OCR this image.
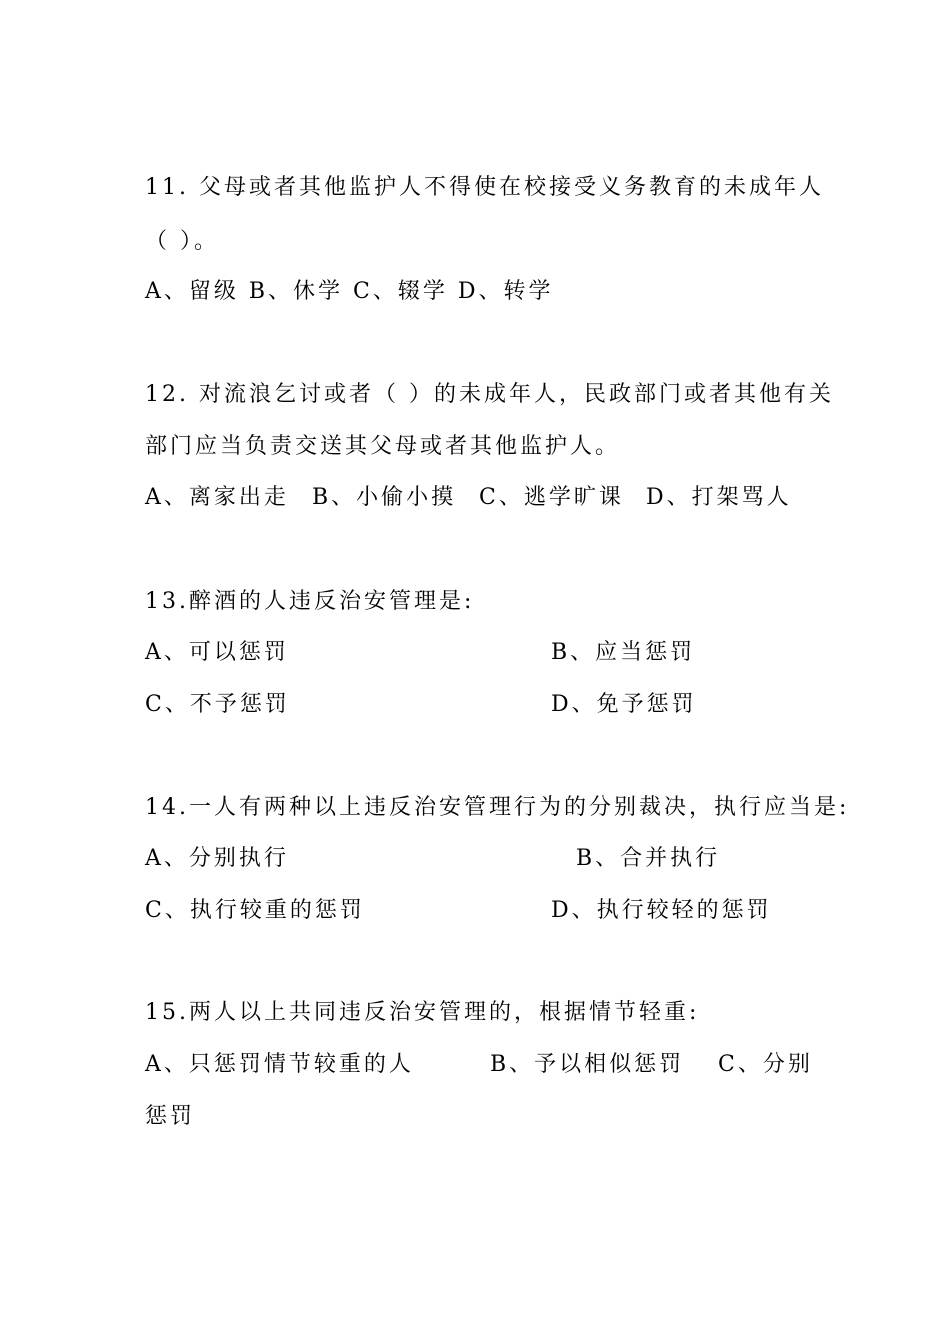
11. 父母或者其他监护人不得使在校接受义务教育的未成年人
（ ）。
A、留级 B、休学 C、辍学 D、转学
12. 对流浪乞讨或者（ ）的未成年人，民政部门或者其他有关
部门应当负责交送其父母或者其他监护人。
A、离家出走 B、小偷小摸 C、逃学旷课 D、打架骂人
13.醉酒的人违反治安管理是:
A、可以惩罚	B、应当惩罚
C、不予惩罚	D、免予惩罚
14.一人有两种以上违反治安管理行为的分别裁决，执行应当是:
A、分别执行	B、合并执行
C、执行较重的惩罚	D、执行较轻的惩罚
15.两人以上共同违反治安管理的，根据情节轻重:
A、只惩罚情节较重的人	B、予以相似惩罚 C、分别
惩罚
